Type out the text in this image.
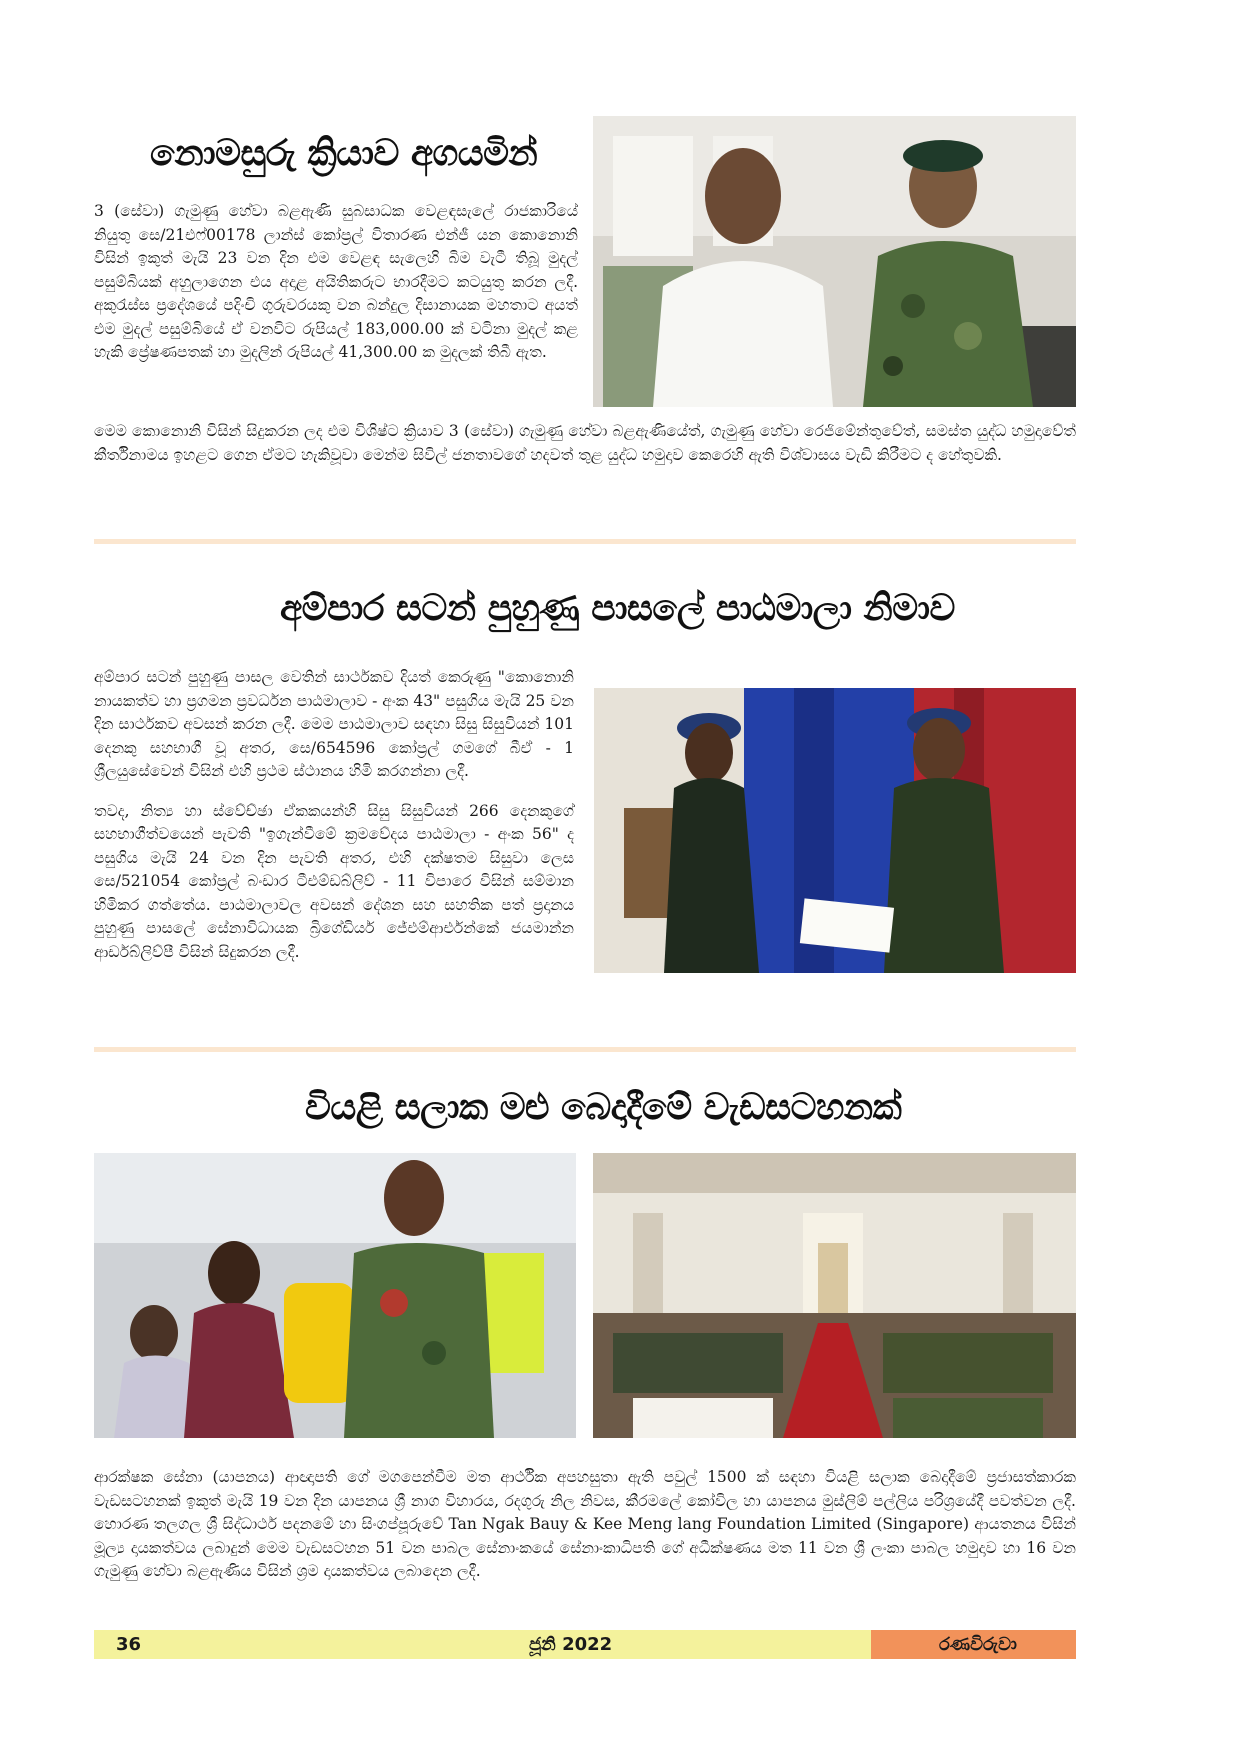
නොමසුරු ක්‍රියාව අගයමින්

3 (සේවා) ගැමුණු හේවා බළඇණි සුබසාධක වෙළඳසැලේ රාජකාරියේ නියුතු සෙ/21එෆ්00178 ලාන්ස් කෝප්‍රල් විතාරණ එන්ජී යන කොනොනි විසින් ඉකුත් මැයි 23 වන දින එම වෙළඳ සැලෙහි බිම වැටී තිබූ මුදල් පසුම්බියක් අහුලාගෙන එය අදාළ අයිතිකරුට භාරදීමට කටයුතු කරන ලදී. අකුරැස්ස ප්‍රදේශයේ පදිංචි ගුරුවරයකු වන බන්දුල දිසානායක මහතාට අයත් එම මුදල් පසුම්බියේ ඒ වනවිට රුපියල් 183,000.00 ක් වටිනා මුදල් කළ හැකි ප්‍රේෂණපතක් හා මුදලින් රුපියල් 41,300.00 ක මුදලක් තිබී ඇත.

මෙම කොනොනි විසින් සිදුකරන ලද එම විශිෂ්ට ක්‍රියාව 3 (සේවා) ගැමුණු හේවා බළඇණියේත්, ගැමුණු හේවා රෙජිමේන්තුවේත්, සමස්ත යුද්ධ හමුදාවේත් කීර්තිනාමය ඉහළට ගෙන ඒමට හැකිවූවා මෙන්ම සිවිල් ජනතාවගේ හදවත් තුළ යුද්ධ හමුදාව කෙරෙහි ඇති විශ්වාසය වැඩි කිරීමට ද හේතුවකි.

අම්පාර සටන් පුහුණු පාසලේ පාඨමාලා නිමාව

අම්පාර සටන් පුහුණු පාසල වෙතින් සාර්ථකව දියත් කෙරුණු "කොනොනි නායකත්ව හා ප්‍රගමන ප්‍රවර්ධන පාඨමාලාව - අංක 43" පසුගිය මැයි 25 වන දින සාර්ථකව අවසන් කරන ලදී. මෙම පාඨමාලාව සඳහා සිසු සිසුවියන් 101 දෙනකු සහභාගී වූ අතර, සෙ/654596 කෝප්‍රල් ගමගේ බීඒ - 1 ශ්‍රීලයුසේවෙන් විසින් එහි ප්‍රථම ස්ථානය හිමි කරගන්නා ලදී.

තවද, නිත්‍ය හා ස්වේච්ඡා ඒකකයන්හි සිසු සිසුවියන් 266 දෙනකුගේ සහභාගීත්වයෙන් පැවති "ඉගැන්වීමේ ක්‍රමවේදය පාඨමාලා - අංක 56" ද පසුගිය මැයි 24 වන දින පැවති අතර, එහි දක්ෂතම සිසුවා ලෙස සෙ/521054 කෝප්‍රල් බංඩාර ටීඑම්ඩබ්ලිව් - 11 විපාරෙ විසින් සම්මාන හිමිකර ගත්තේය. පාඨමාලාවල අවසන් දේශන සහ සහතික පත් ප්‍රදානය පුහුණු පාසලේ සේනාවිධායක බ්‍රිගේඩියර් ජේඑම්ආර්එන්කේ ජයමාන්න ආර්ඩබ්ලිව්පී විසින් සිදුකරන ලදී.

වියළි සලාක මළු බෙදාදීමේ වැඩසටහනක්

ආරක්ෂක සේනා (යාපනය) ආඥාපති ගේ මගපෙන්වීම මත ආර්ථික අපහසුතා ඇති පවුල් 1500 ක් සඳහා වියළි සලාක බෙදාදීමේ ප්‍රජාසත්කාරක වැඩසටහනක් ඉකුත් මැයි 19 වන දින යාපනය ශ්‍රී නාග විහාරය, රදගුරු නිල නිවස, කීරමලේ කෝවිල හා යාපනය මුස්ලිම් පල්ලිය පරිශ්‍රයේදී පවත්වන ලදී. හොරණ තලගල ශ්‍රී සිද්ධාර්ථ පදනමේ හා සිංගප්පූරුවේ Tan Ngak Bauy & Kee Meng lang Foundation Limited (Singapore) ආයතනය විසින් මූල්‍ය දායකත්වය ලබාදුන් මෙම වැඩසටහන 51 වන පාබල සේනාංකයේ සේනාංකාධිපති ගේ අධීක්ෂණය මත 11 වන ශ්‍රී ලංකා පාබල හමුදාව හා 16 වන ගැමුණු හේවා බළඇණිය විසින් ශ්‍රම දායකත්වය ලබාදෙන ලදී.

36	ජූනි 2022	රණවිරුවා
